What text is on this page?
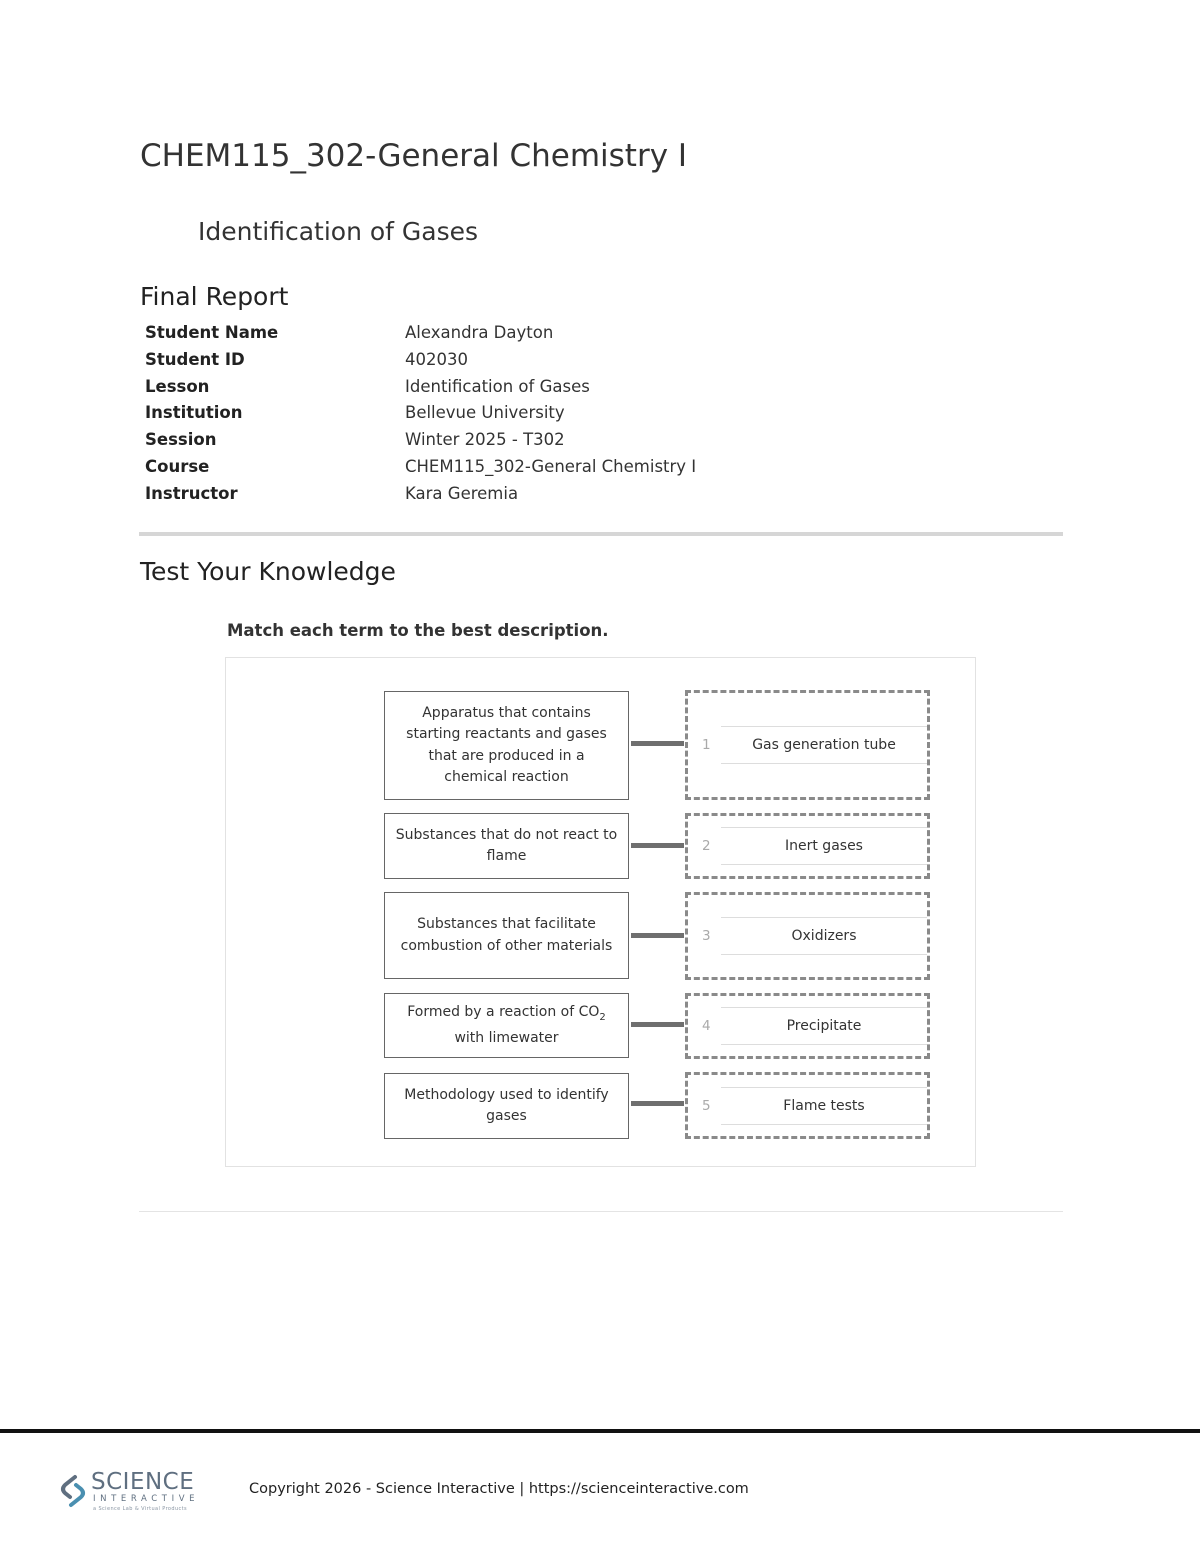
CHEM115_302-General Chemistry I
Identification of Gases
Final Report
Student Name	Alexandra Dayton
Student ID	402030
Lesson	Identification of Gases
Institution	Bellevue University
Session	Winter 2025 - T302
Course	CHEM115_302-General Chemistry I
Instructor	Kara Geremia
Test Your Knowledge
Match each term to the best description.
Apparatus that contains starting reactants and gases that are produced in a chemical reaction
1	Gas generation tube
Substances that do not react to flame
2	Inert gases
Substances that facilitate combustion of other materials
3	Oxidizers
Formed by a reaction of $CO_2$ with limewater
4	Precipitate
Methodology used to identify gases
5	Flame tests
SCIENCE
INTERACTIVE
a Science Lab & Virtual Products
Copyright 2026 - Science Interactive | https://scienceinteractive.com
